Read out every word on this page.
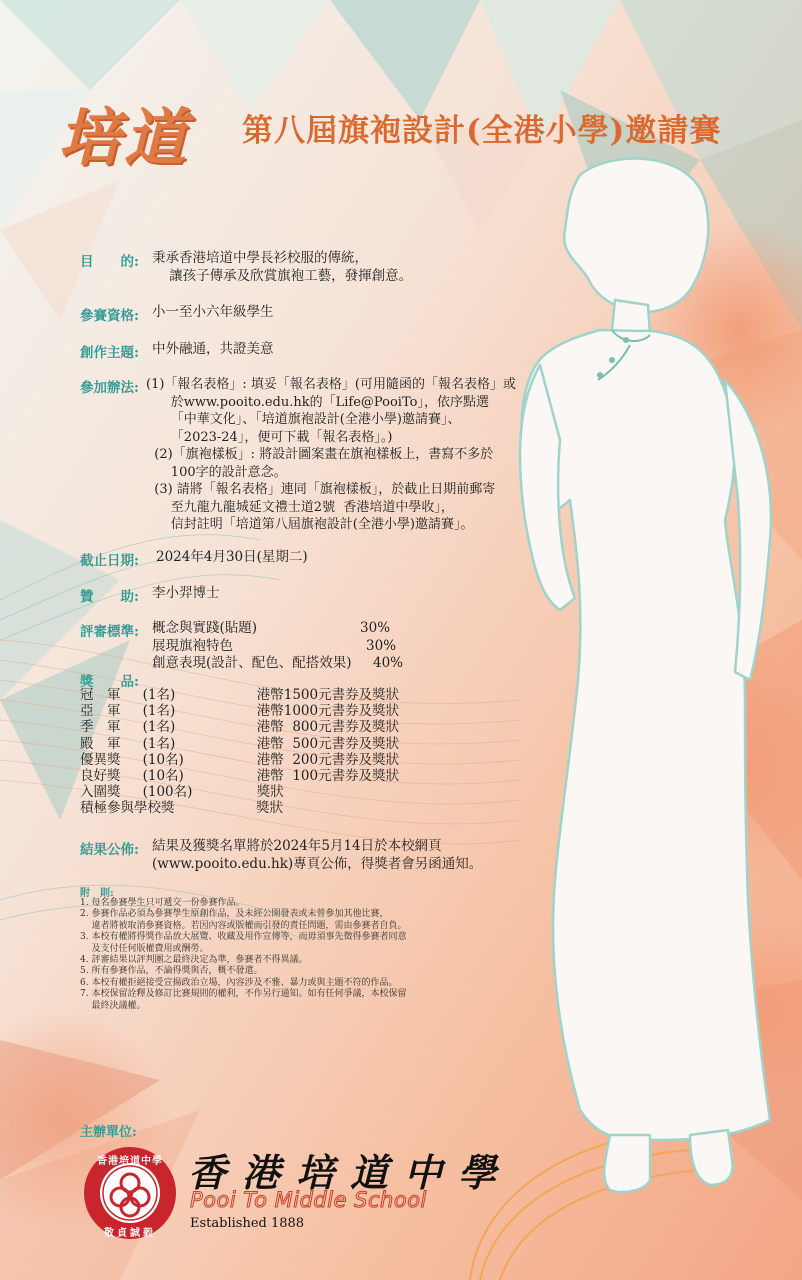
培道 第八屆旗袍設計(全港小學)邀請賽
目　　的: 秉承香港培道中學長衫校服的傳統，
讓孩子傳承及欣賞旗袍工藝，發揮創意。
參賽資格: 小一至小六年級學生
創作主題: 中外融通，共證美意
參加辦法: (1)「報名表格」: 填妥「報名表格」(可用隨函的「報名表格」或
於www.pooito.edu.hk的「Life@PooiTo」，依序點選
「中華文化」、「培道旗袍設計(全港小學)邀請賽」、
「2023-24」，便可下載「報名表格」。)
(2)「旗袍樣板」: 將設計圖案畫在旗袍樣板上，書寫不多於
100字的設計意念。
(3) 請將「報名表格」連同「旗袍樣板」，於截止日期前郵寄
至九龍九龍城延文禮士道2號  香港培道中學收」，
信封註明「培道第八屆旗袍設計(全港小學)邀請賽」。
截止日期: 2024年4月30日(星期二)
贊　　助: 李小羿博士
評審標準: 概念與實踐(貼題)                        30%
展現旗袍特色                               30%
創意表現(設計、配色、配搭效果)     40%
獎　　品:
冠　軍　  (1名)                   港幣1500元書券及獎狀
亞　軍　  (1名)                   港幣1000元書券及獎狀
季　軍　  (1名)                   港幣  800元書券及獎狀
殿　軍　  (1名)                   港幣  500元書券及獎狀
優異獎　  (10名)                 港幣  200元書券及獎狀
良好獎　  (10名)                 港幣  100元書券及獎狀
入圍獎　  (100名)               獎狀
積極參與學校獎                   獎狀
結果公佈: 結果及獲獎名單將於2024年5月14日於本校網頁
(www.pooito.edu.hk)專頁公佈，得獎者會另函通知。
附　則:
1. 每名參賽學生只可遞交一份參賽作品。
2. 參賽作品必須為參賽學生原創作品，及未經公開發表或未曾參加其他比賽，
違者將被取消參賽資格。若因內容或版權而引發的責任問題，需由參賽者自負。
3. 本校有權將得獎作品放大展覽、收藏及用作宣傳等，而毋須事先徵得參賽者同意
及支付任何版權費用或酬勞。
4. 評審結果以評判團之最終決定為準，參賽者不得異議。
5. 所有參賽作品，不論得獎與否，概不發還。
6. 本校有權拒絕接受宣揚政治立場，內容涉及不雅、暴力或與主題不符的作品。
7. 本校保留詮釋及修訂比賽規則的權利，不作另行通知。如有任何爭議，本校保留
最終決議權。
主辦單位:
香港培道中學
敬貞誠毅
香港培道中學
Pooi To Middle School
Established 1888
